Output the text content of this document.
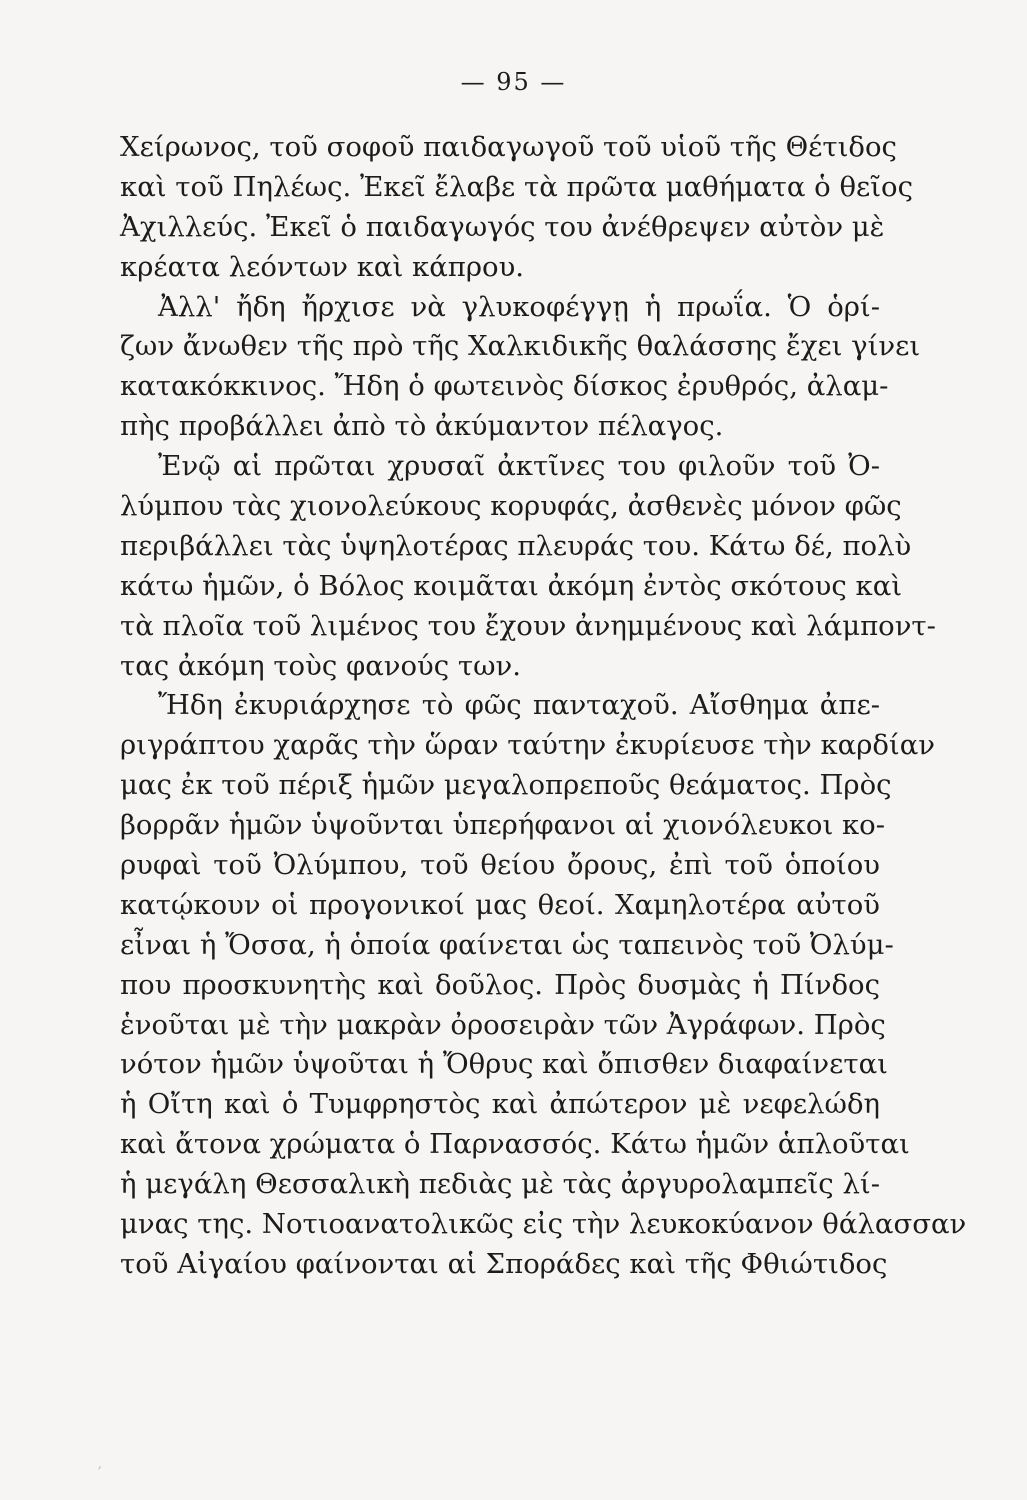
— 95 —
Χείρωνος, τοῦ σοφοῦ παιδαγωγοῦ τοῦ υἱοῦ τῆς Θέτιδος
καὶ τοῦ Πηλέως. Ἐκεῖ ἔλαβε τὰ πρῶτα μαθήματα ὁ θεῖος
Ἀχιλλεύς. Ἐκεῖ ὁ παιδαγωγός του ἀνέθρεψεν αὐτὸν μὲ
κρέατα λεόντων καὶ κάπρου.
Ἀλλ' ἤδη ἤρχισε νὰ γλυκοφέγγῃ ἡ πρωΐα. Ὁ ὁρί-
ζων ἄνωθεν τῆς πρὸ τῆς Χαλκιδικῆς θαλάσσης ἔχει γίνει
κατακόκκινος. Ἤδη ὁ φωτεινὸς δίσκος ἐρυθρός, ἀλαμ-
πὴς προβάλλει ἀπὸ τὸ ἀκύμαντον πέλαγος.
Ἐνῷ αἱ πρῶται χρυσαῖ ἀκτῖνες του φιλοῦν τοῦ Ὀ-
λύμπου τὰς χιονολεύκους κορυφάς, ἀσθενὲς μόνον φῶς
περιβάλλει τὰς ὑψηλοτέρας πλευράς του. Κάτω δέ, πολὺ
κάτω ἡμῶν, ὁ Βόλος κοιμᾶται ἀκόμη ἐντὸς σκότους καὶ
τὰ πλοῖα τοῦ λιμένος του ἔχουν ἀνημμένους καὶ λάμποντ-
τας ἀκόμη τοὺς φανούς των.
Ἤδη ἐκυριάρχησε τὸ φῶς πανταχοῦ. Αἴσθημα ἀπε-
ριγράπτου χαρᾶς τὴν ὥραν ταύτην ἐκυρίευσε τὴν καρδίαν
μας ἐκ τοῦ πέριξ ἡμῶν μεγαλοπρεποῦς θεάματος. Πρὸς
βορρᾶν ἡμῶν ὑψοῦνται ὑπερήφανοι αἱ χιονόλευκοι κο-
ρυφαὶ τοῦ Ὀλύμπου, τοῦ θείου ὄρους, ἐπὶ τοῦ ὁποίου
κατῴκουν οἱ προγονικοί μας θεοί. Χαμηλοτέρα αὐτοῦ
εἶναι ἡ Ὄσσα, ἡ ὁποία φαίνεται ὡς ταπεινὸς τοῦ Ὀλύμ-
που προσκυνητὴς καὶ δοῦλος. Πρὸς δυσμὰς ἡ Πίνδος
ἑνοῦται μὲ τὴν μακρὰν ὀροσειρὰν τῶν Ἀγράφων. Πρὸς
νότον ἡμῶν ὑψοῦται ἡ Ὄθρυς καὶ ὄπισθεν διαφαίνεται
ἡ Οἴτη καὶ ὁ Τυμφρηστὸς καὶ ἀπώτερον μὲ νεφελώδη
καὶ ἄτονα χρώματα ὁ Παρνασσός. Κάτω ἡμῶν ἁπλοῦται
ἡ μεγάλη Θεσσαλικὴ πεδιὰς μὲ τὰς ἀργυρολαμπεῖς λί-
μνας της. Νοτιοανατολικῶς εἰς τὴν λευκοκύανον θάλασσαν
τοῦ Αἰγαίου φαίνονται αἱ Σποράδες καὶ τῆς Φθιώτιδος
′
